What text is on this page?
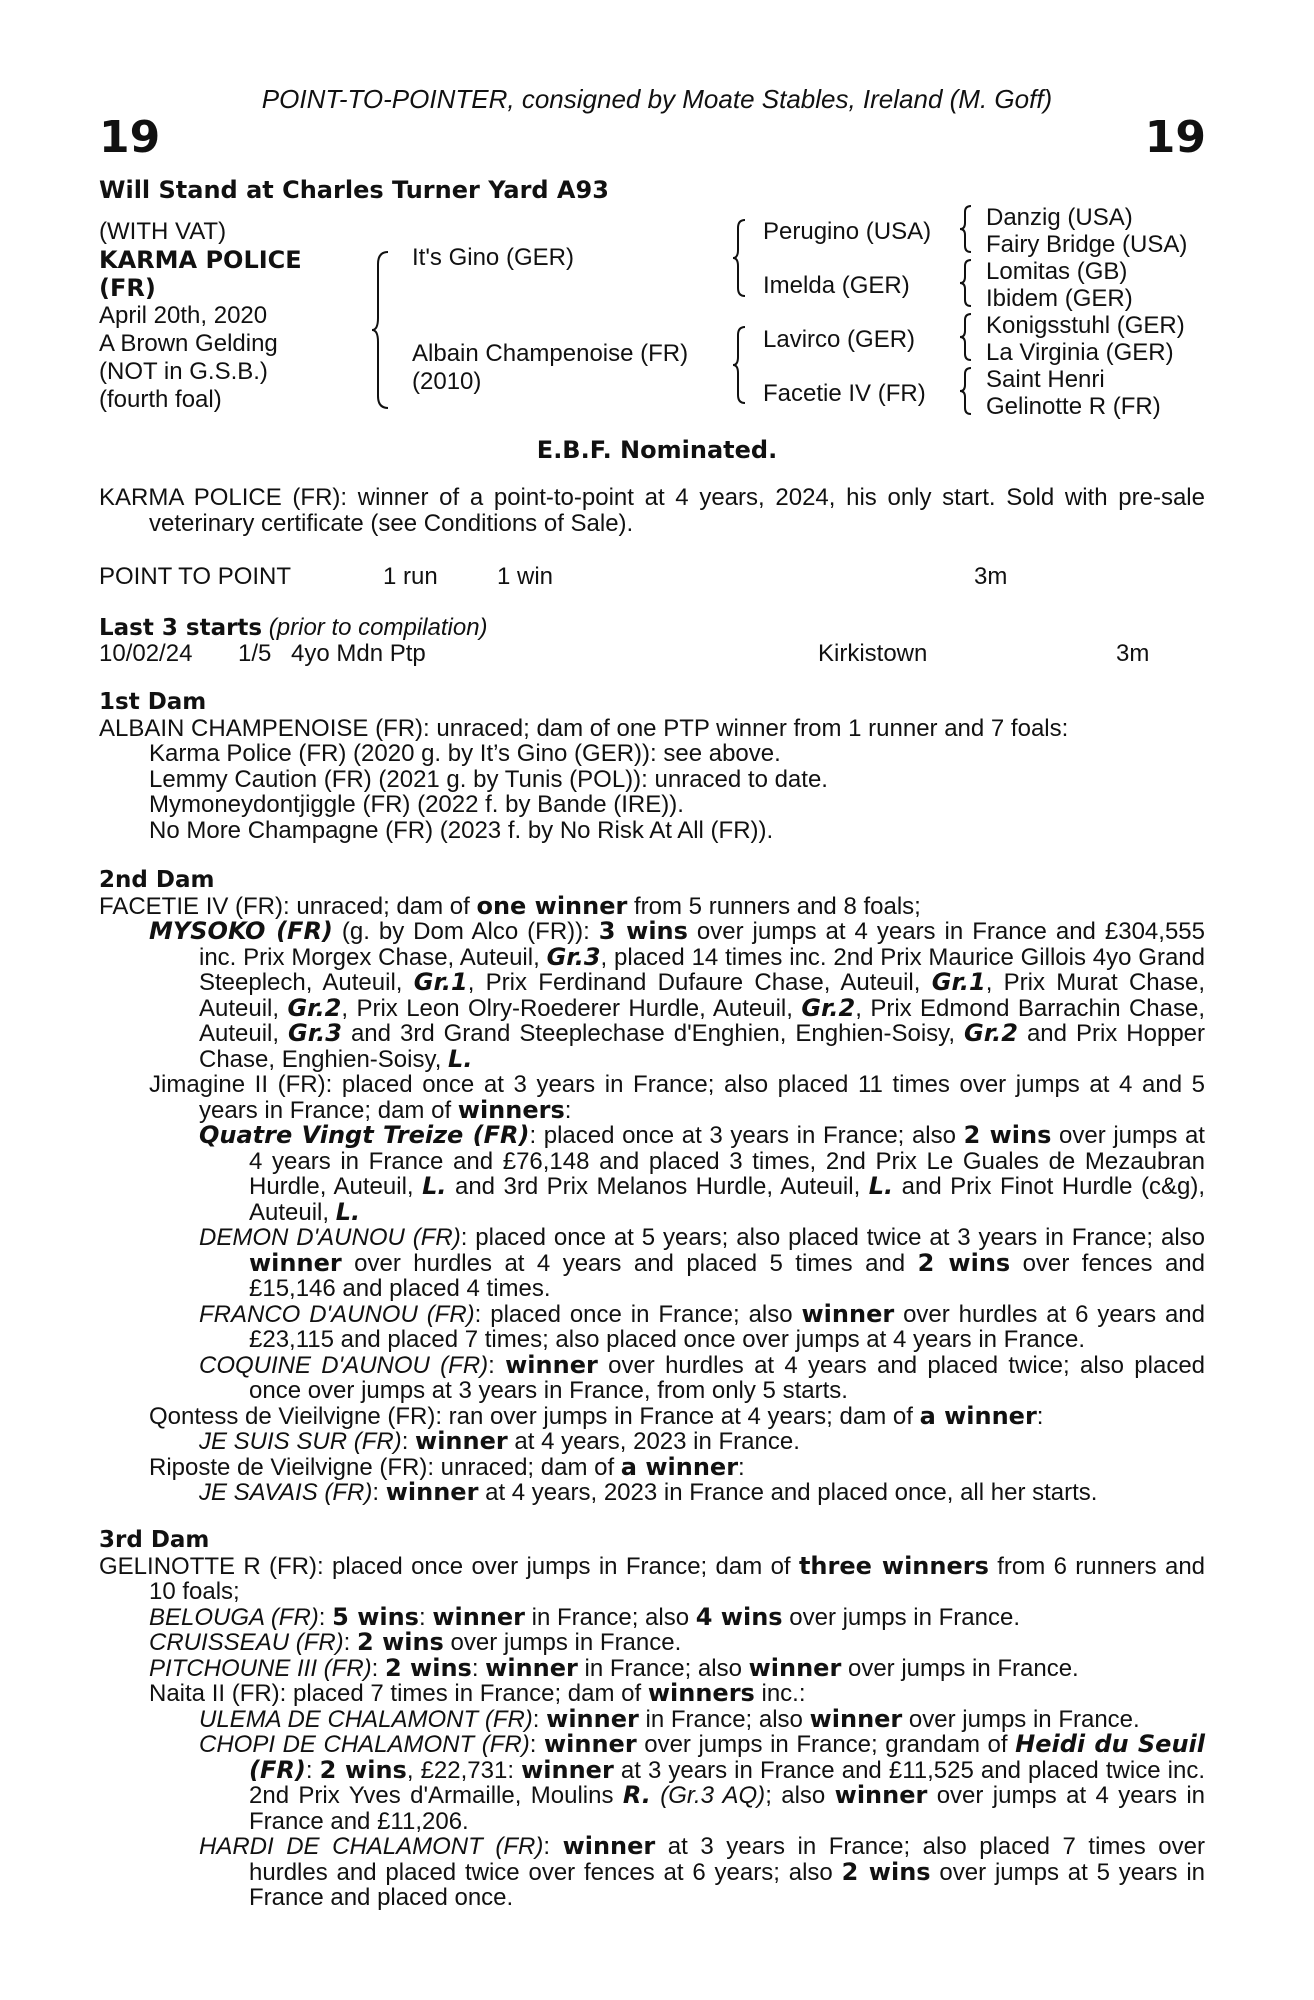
POINT-TO-POINTER, consigned by Moate Stables, Ireland (M. Goff)
19	19
Will Stand at Charles Turner Yard A93
(WITH VAT)
KARMA POLICE
(FR)
April 20th, 2020
A Brown Gelding
(NOT in G.S.B.)
(fourth foal)
It's Gino (GER)
Albain Champenoise (FR)
(2010)
Perugino (USA)
Imelda (GER)
Lavirco (GER)
Facetie IV (FR)
Danzig (USA)
Fairy Bridge (USA)
Lomitas (GB)
Ibidem (GER)
Konigsstuhl (GER)
La Virginia (GER)
Saint Henri
Gelinotte R (FR)
E.B.F. Nominated.

KARMA POLICE (FR): winner of a point-to-point at 4 years, 2024, his only start. Sold with pre-sale veterinary certificate (see Conditions of Sale).

POINT TO POINT	1 run 1 win	3m
Last 3 starts (prior to compilation)
10/02/24 1/5 4yo Mdn Ptp	Kirkistown	3m

1st Dam

ALBAIN CHAMPENOISE (FR): unraced; dam of one PTP winner from 1 runner and 7 foals:

Karma Police (FR) (2020 g. by It’s Gino (GER)): see above.

Lemmy Caution (FR) (2021 g. by Tunis (POL)): unraced to date.

Mymoneydontjiggle (FR) (2022 f. by Bande (IRE)).

No More Champagne (FR) (2023 f. by No Risk At All (FR)).

2nd Dam

FACETIE IV (FR): unraced; dam of one winner from 5 runners and 8 foals;

MYSOKO (FR) (g. by Dom Alco (FR)): 3 wins over jumps at 4 years in France and £304,555 inc. Prix Morgex Chase, Auteuil, Gr.3, placed 14 times inc. 2nd Prix Maurice Gillois 4yo Grand Steeplech, Auteuil, Gr.1, Prix Ferdinand Dufaure Chase, Auteuil, Gr.1, Prix Murat Chase, Auteuil, Gr.2, Prix Leon Olry-Roederer Hurdle, Auteuil, Gr.2, Prix Edmond Barrachin Chase, Auteuil, Gr.3 and 3rd Grand Steeplechase d'Enghien, Enghien-Soisy, Gr.2 and Prix Hopper Chase, Enghien-Soisy, L.

Jimagine II (FR): placed once at 3 years in France; also placed 11 times over jumps at 4 and 5 years in France; dam of winners:

Quatre Vingt Treize (FR): placed once at 3 years in France; also 2 wins over jumps at 4 years in France and £76,148 and placed 3 times, 2nd Prix Le Guales de Mezaubran Hurdle, Auteuil, L. and 3rd Prix Melanos Hurdle, Auteuil, L. and Prix Finot Hurdle (c&g), Auteuil, L.

DEMON D'AUNOU (FR): placed once at 5 years; also placed twice at 3 years in France; also winner over hurdles at 4 years and placed 5 times and 2 wins over fences and £15,146 and placed 4 times.

FRANCO D'AUNOU (FR): placed once in France; also winner over hurdles at 6 years and £23,115 and placed 7 times; also placed once over jumps at 4 years in France.

COQUINE D'AUNOU (FR): winner over hurdles at 4 years and placed twice; also placed once over jumps at 3 years in France, from only 5 starts.

Qontess de Vieilvigne (FR): ran over jumps in France at 4 years; dam of a winner:

JE SUIS SUR (FR): winner at 4 years, 2023 in France.

Riposte de Vieilvigne (FR): unraced; dam of a winner:

JE SAVAIS (FR): winner at 4 years, 2023 in France and placed once, all her starts.

3rd Dam

GELINOTTE R (FR): placed once over jumps in France; dam of three winners from 6 runners and 10 foals;

BELOUGA (FR): 5 wins: winner in France; also 4 wins over jumps in France.

CRUISSEAU (FR): 2 wins over jumps in France.

PITCHOUNE III (FR): 2 wins: winner in France; also winner over jumps in France.

Naita II (FR): placed 7 times in France; dam of winners inc.:

ULEMA DE CHALAMONT (FR): winner in France; also winner over jumps in France.

CHOPI DE CHALAMONT (FR): winner over jumps in France; grandam of Heidi du Seuil (FR): 2 wins, £22,731: winner at 3 years in France and £11,525 and placed twice inc. 2nd Prix Yves d'Armaille, Moulins R. (Gr.3 AQ); also winner over jumps at 4 years in France and £11,206.

HARDI DE CHALAMONT (FR): winner at 3 years in France; also placed 7 times over hurdles and placed twice over fences at 6 years; also 2 wins over jumps at 5 years in France and placed once.
